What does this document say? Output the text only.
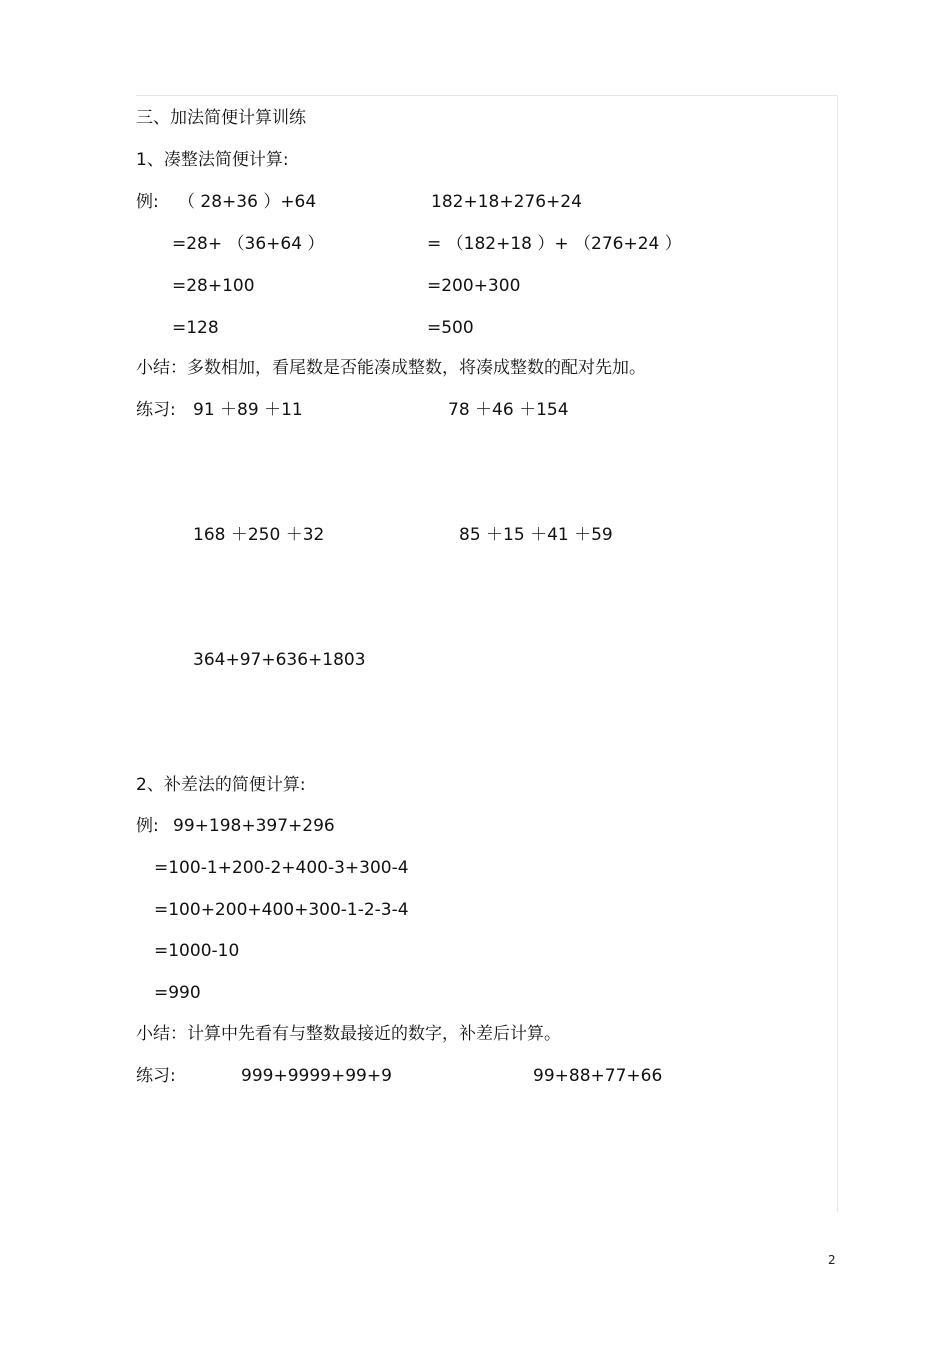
三、加法简便计算训练
1、凑整法简便计算:
例: （ 28+36 ）+64	182+18+276+24
=28+ （36+64 ）	= （182+18 ）+ （276+24 ）
=28+100	=200+300
=128	=500
小结：多数相加，看尾数是否能凑成整数，将凑成整数的配对先加。
练习: 91 ＋89 ＋11	78 ＋46 ＋154
168 ＋250 ＋32	85 ＋15 ＋41 ＋59
364+97+636+1803
2、补差法的简便计算:
例: 99+198+397+296
=100-1+200-2+400-3+300-4
=100+200+400+300-1-2-3-4
=1000-10
=990
小结：计算中先看有与整数最接近的数字，补差后计算。
练习:	999+9999+99+9	99+88+77+66
2
